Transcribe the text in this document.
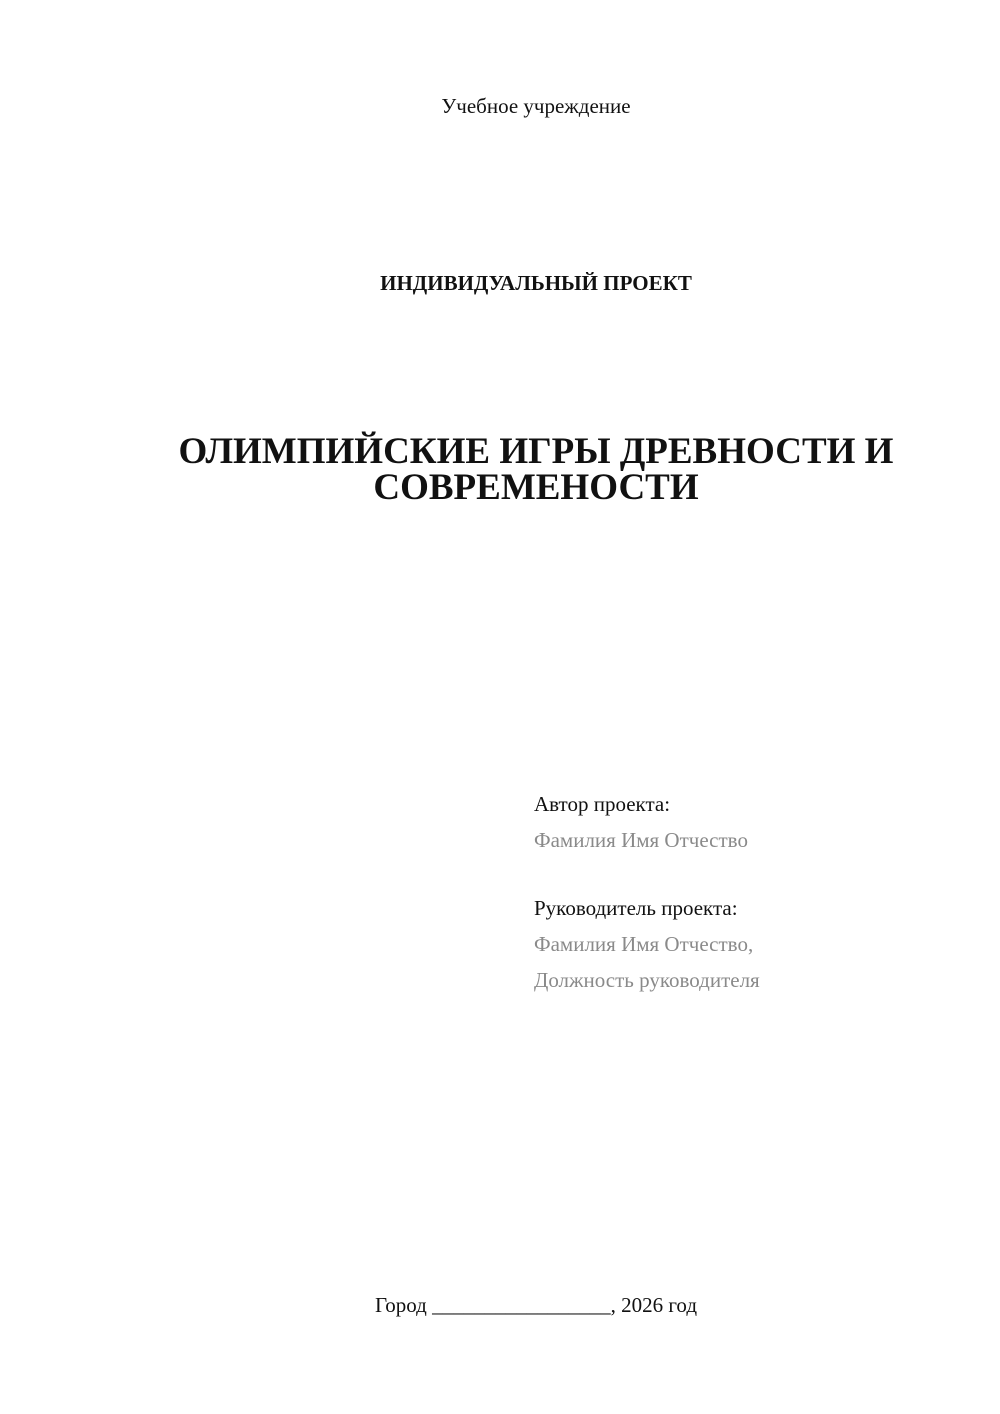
Учебное учреждение
ИНДИВИДУАЛЬНЫЙ ПРОЕКТ
ОЛИМПИЙСКИЕ ИГРЫ ДРЕВНОСТИ И
СОВРЕМЕНОСТИ
Автор проекта:
Фамилия Имя Отчество
Руководитель проекта:
Фамилия Имя Отчество,
Должность руководителя
Город _________________, 2026 год
